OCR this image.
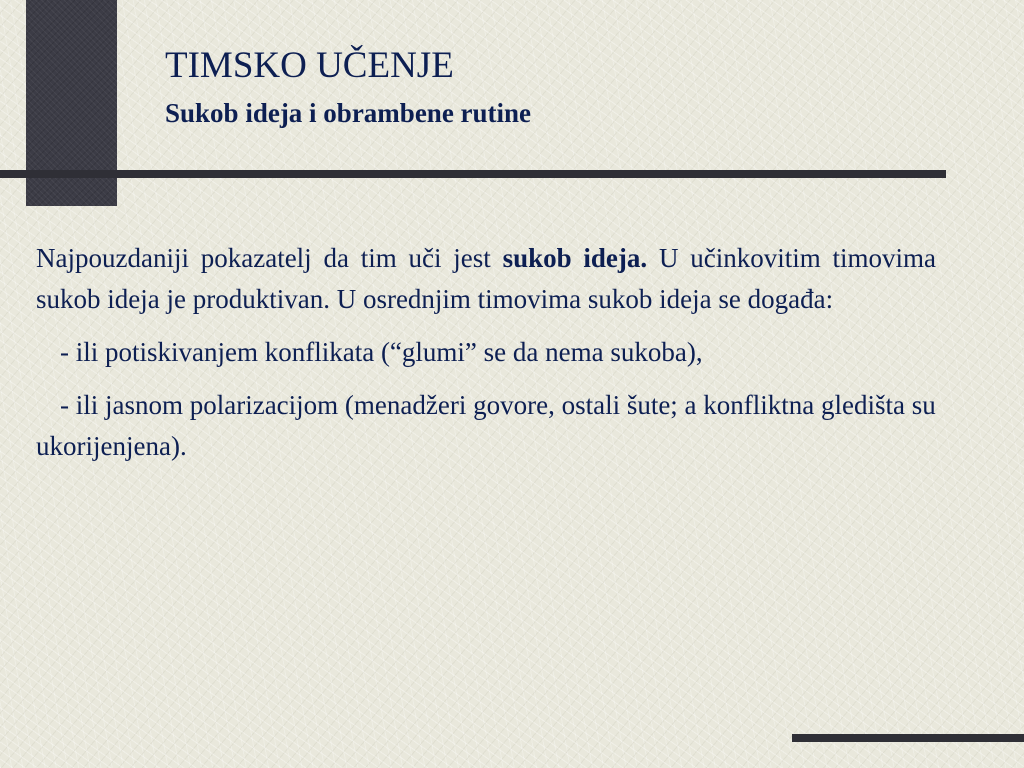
TIMSKO UČENJE
Sukob ideja i obrambene rutine

Najpouzdaniji pokazatelj da tim uči jest sukob ideja. U učinkovitim timovima sukob ideja je produktivan. U osrednjim timovima sukob ideja se događa:

- ili potiskivanjem konflikata (“glumi” se da nema sukoba),

- ili jasnom polarizacijom (menadžeri govore, ostali šute; a konfliktna gledišta su ukorijenjena).
